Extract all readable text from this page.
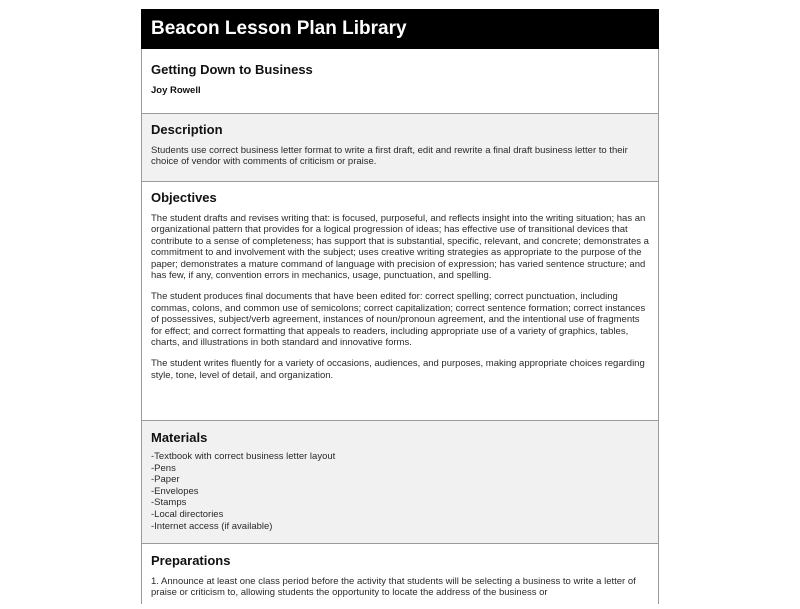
Beacon Lesson Plan Library
Getting Down to Business
Joy Rowell
Description

Students use correct business letter format to write a first draft, edit and rewrite a final draft business letter to their choice of vendor with comments of criticism or praise.

Objectives

The student drafts and revises writing that: is focused, purposeful, and reflects insight into the writing situation; has an organizational pattern that provides for a logical progression of ideas; has effective use of transitional devices that contribute to a sense of completeness; has support that is substantial, specific, relevant, and concrete; demonstrates a commitment to and involvement with the subject; uses creative writing strategies as appropriate to the purpose of the paper; demonstrates a mature command of language with precision of expression; has varied sentence structure; and has few, if any, convention errors in mechanics, usage, punctuation, and spelling.

The student produces final documents that have been edited for: correct spelling; correct punctuation, including commas, colons, and common use of semicolons; correct capitalization; correct sentence formation; correct instances of possessives, subject/verb agreement, instances of noun/pronoun agreement, and the intentional use of fragments for effect; and correct formatting that appeals to readers, including appropriate use of a variety of graphics, tables, charts, and illustrations in both standard and innovative forms.

The student writes fluently for a variety of occasions, audiences, and purposes, making appropriate choices regarding style, tone, level of detail, and organization.

Materials
-Textbook with correct business letter layout
-Pens
-Paper
-Envelopes
-Stamps
-Local directories
-Internet access (if available)
Preparations

1. Announce at least one class period before the activity that students will be selecting a business to write a letter of praise or criticism to, allowing students the opportunity to locate the address of the business or
